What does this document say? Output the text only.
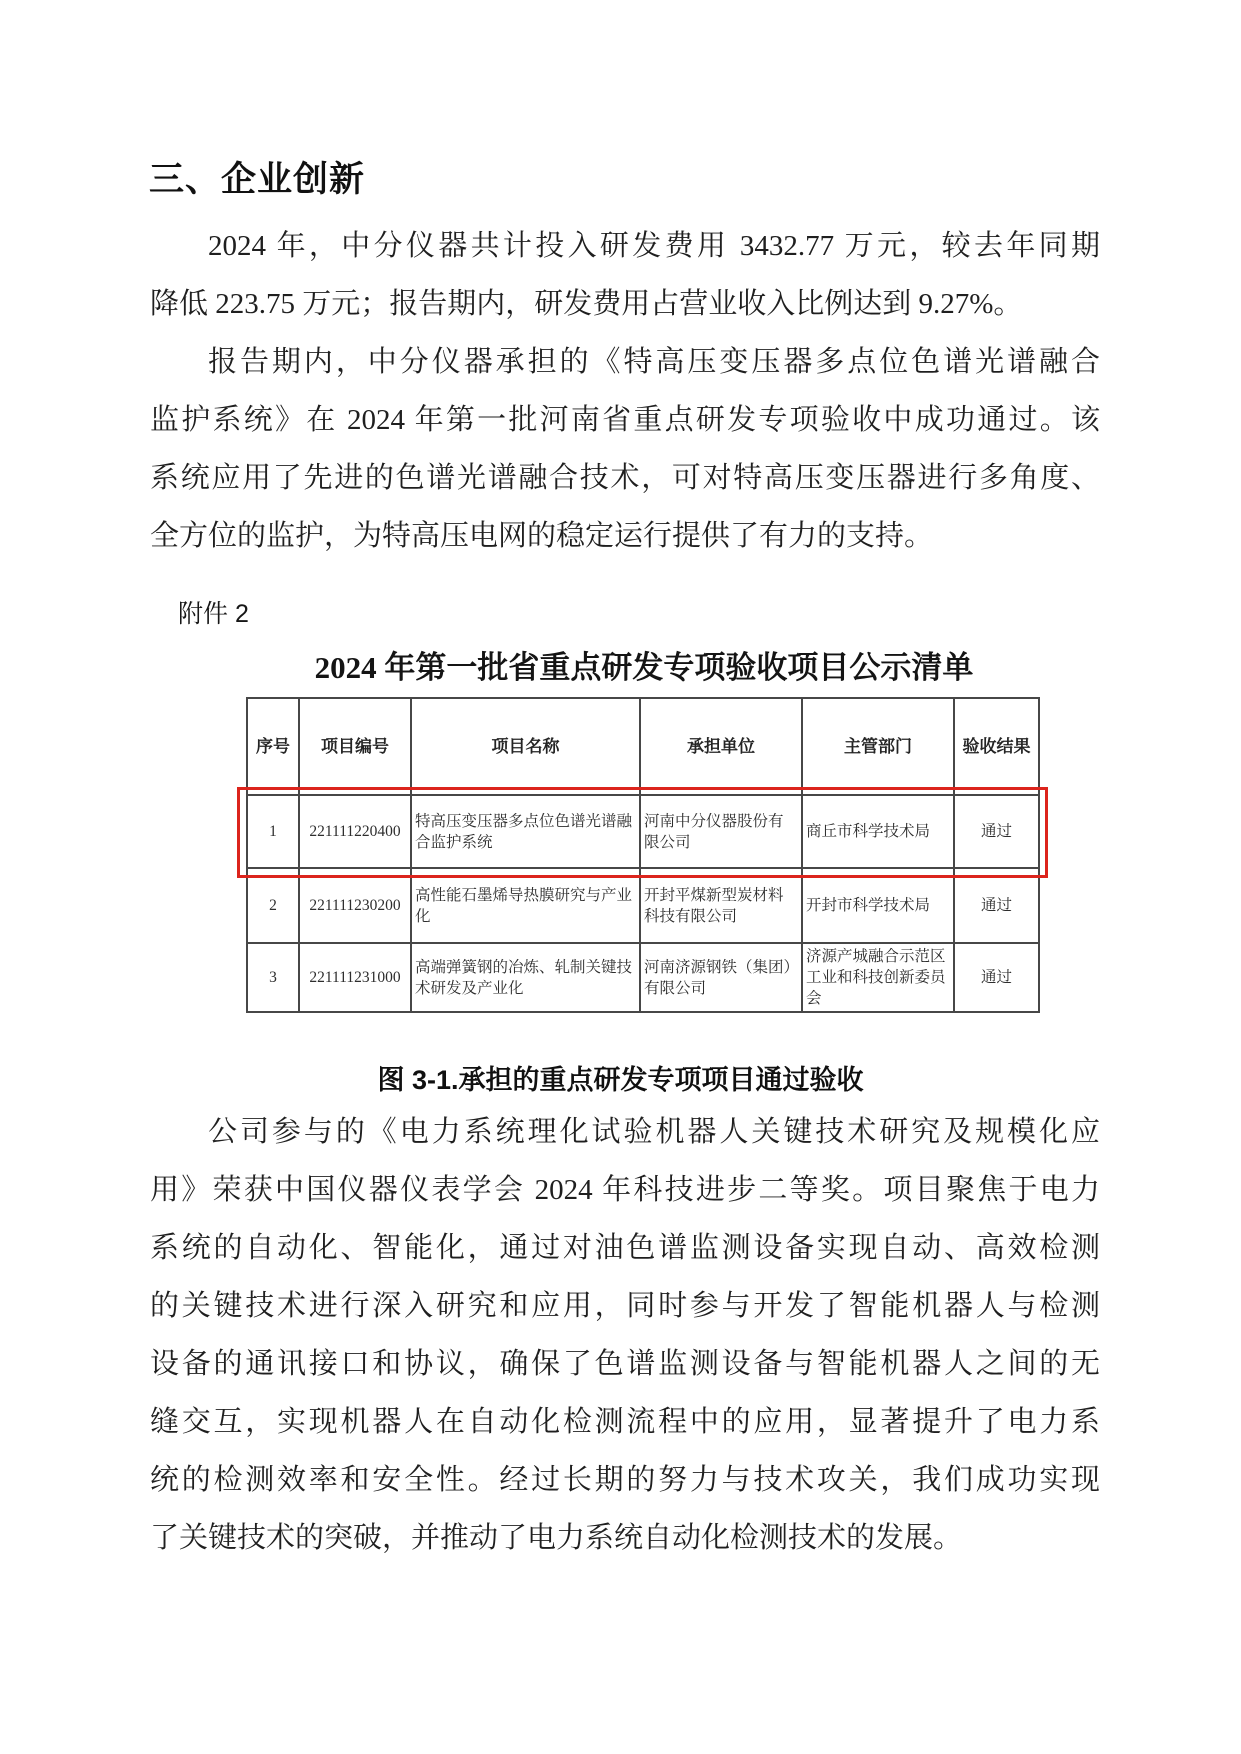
三、企业创新
2024 年，中分仪器共计投入研发费用 3432.77 万元，较去年同期
降低 223.75 万元；报告期内，研发费用占营业收入比例达到 9.27%。
报告期内，中分仪器承担的《特高压变压器多点位色谱光谱融合
监护系统》在 2024 年第一批河南省重点研发专项验收中成功通过。该
系统应用了先进的色谱光谱融合技术，可对特高压变压器进行多角度、
全方位的监护，为特高压电网的稳定运行提供了有力的支持。
附件 2
2024 年第一批省重点研发专项验收项目公示清单
序号	项目编号	项目名称	承担单位	主管部门	验收结果
1	221111220400	特高压变压器多点位色谱光谱融合监护系统	河南中分仪器股份有限公司	商丘市科学技术局	通过
2	221111230200	高性能石墨烯导热膜研究与产业化	开封平煤新型炭材料科技有限公司	开封市科学技术局	通过
3	221111231000	高端弹簧钢的冶炼、轧制关键技术研发及产业化	河南济源钢铁（集团）有限公司	济源产城融合示范区工业和科技创新委员会	通过
图 3-1.承担的重点研发专项项目通过验收
公司参与的《电力系统理化试验机器人关键技术研究及规模化应
用》荣获中国仪器仪表学会 2024 年科技进步二等奖。项目聚焦于电力
系统的自动化、智能化，通过对油色谱监测设备实现自动、高效检测
的关键技术进行深入研究和应用，同时参与开发了智能机器人与检测
设备的通讯接口和协议，确保了色谱监测设备与智能机器人之间的无
缝交互，实现机器人在自动化检测流程中的应用，显著提升了电力系
统的检测效率和安全性。经过长期的努力与技术攻关，我们成功实现
了关键技术的突破，并推动了电力系统自动化检测技术的发展。
